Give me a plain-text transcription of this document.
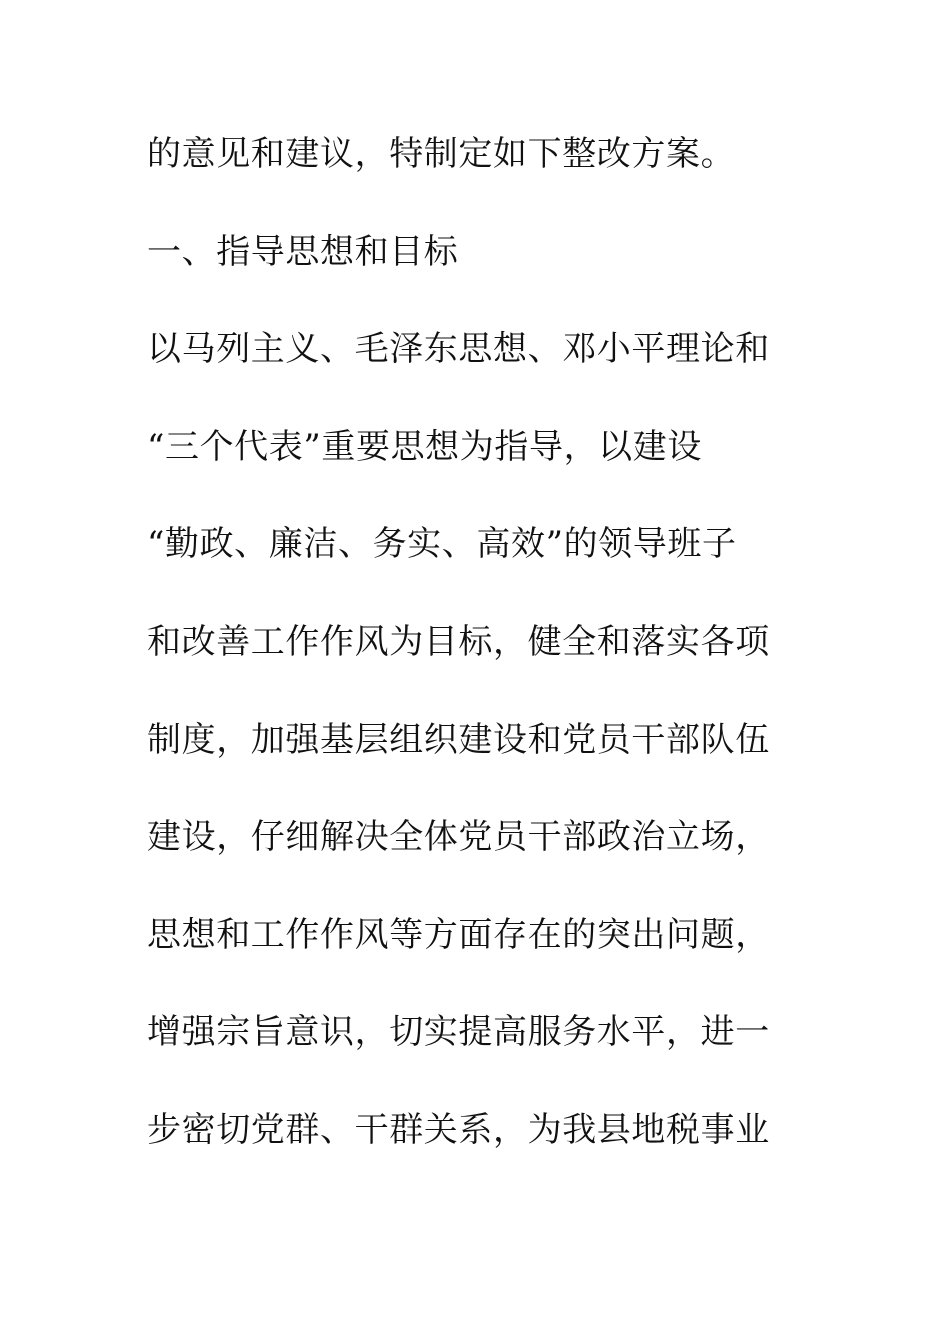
的意见和建议，特制定如下整改方案。
一、指导思想和目标
以马列主义、毛泽东思想、邓小平理论和
“三个代表”重要思想为指导，以建设
“勤政、廉洁、务实、高效”的领导班子
和改善工作作风为目标，健全和落实各项
制度，加强基层组织建设和党员干部队伍
建设，仔细解决全体党员干部政治立场，
思想和工作作风等方面存在的突出问题，
增强宗旨意识，切实提高服务水平，进一
步密切党群、干群关系，为我县地税事业
